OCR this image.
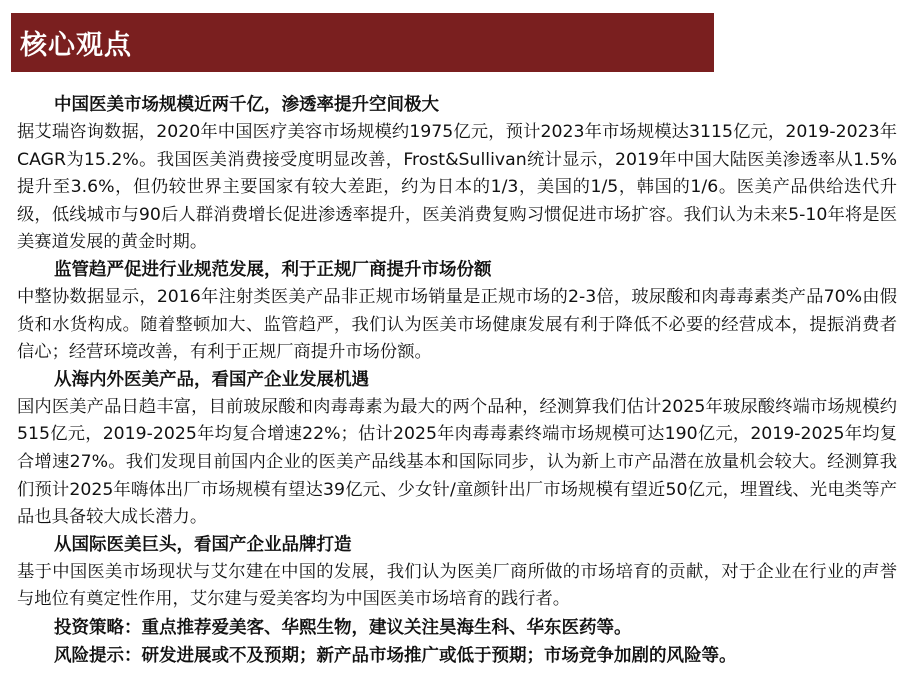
核心观点
中国医美市场规模近两千亿，渗透率提升空间极大

据艾瑞咨询数据，2020年中国医疗美容市场规模约1975亿元，预计2023年市场规模达3115亿元，2019-2023年CAGR为15.2%。我国医美消费接受度明显改善，Frost&Sullivan统计显示，2019年中国大陆医美渗透率从1.5%提升至3.6%，但仍较世界主要国家有较大差距，约为日本的1/3，美国的1/5，韩国的1/6。医美产品供给迭代升级，低线城市与90后人群消费增长促进渗透率提升，医美消费复购习惯促进市场扩容。我们认为未来5-10年将是医美赛道发展的黄金时期。

监管趋严促进行业规范发展，利于正规厂商提升市场份额

中整协数据显示，2016年注射类医美产品非正规市场销量是正规市场的2-3倍，玻尿酸和肉毒毒素类产品70%由假货和水货构成。随着整顿加大、监管趋严，我们认为医美市场健康发展有利于降低不必要的经营成本，提振消费者信心；经营环境改善，有利于正规厂商提升市场份额。

从海内外医美产品，看国产企业发展机遇

国内医美产品日趋丰富，目前玻尿酸和肉毒毒素为最大的两个品种，经测算我们估计2025年玻尿酸终端市场规模约515亿元，2019-2025年均复合增速22%；估计2025年肉毒毒素终端市场规模可达190亿元，2019-2025年均复合增速27%。我们发现目前国内企业的医美产品线基本和国际同步，认为新上市产品潜在放量机会较大。经测算我们预计2025年嗨体出厂市场规模有望达39亿元、少女针/童颜针出厂市场规模有望近50亿元，埋置线、光电类等产品也具备较大成长潜力。

从国际医美巨头，看国产企业品牌打造

基于中国医美市场现状与艾尔建在中国的发展，我们认为医美厂商所做的市场培育的贡献，对于企业在行业的声誉与地位有奠定性作用，艾尔建与爱美客均为中国医美市场培育的践行者。

投资策略：重点推荐爱美客、华熙生物，建议关注昊海生科、华东医药等。
风险提示：研发进展或不及预期；新产品市场推广或低于预期；市场竞争加剧的风险等。
